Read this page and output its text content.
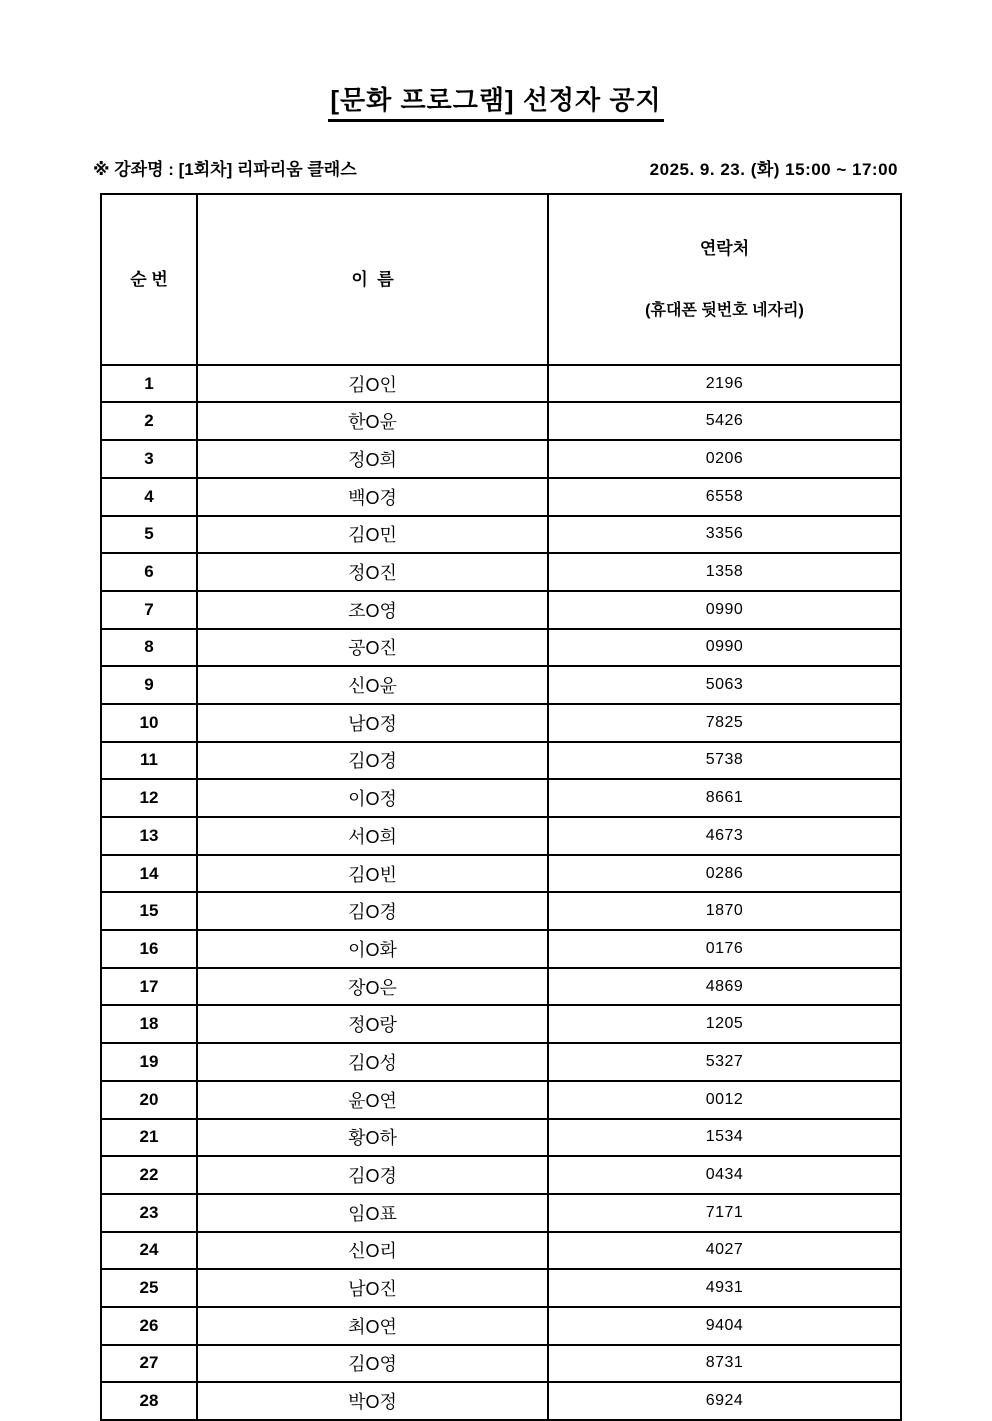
[문화 프로그램] 선정자 공지
※ 강좌명 : [1회차] 리파리움 클래스	2025. 9. 23. (화) 15:00 ~ 17:00
순 번	이  름	연락처

(휴대폰 뒷번호 네자리)

1	김O인	2196
2	한O윤	5426
3	정O희	0206
4	백O경	6558
5	김O민	3356
6	정O진	1358
7	조O영	0990
8	공O진	0990
9	신O윤	5063
10	남O정	7825
11	김O경	5738
12	이O정	8661
13	서O희	4673
14	김O빈	0286
15	김O경	1870
16	이O화	0176
17	장O은	4869
18	정O랑	1205
19	김O성	5327
20	윤O연	0012
21	황O하	1534
22	김O경	0434
23	임O표	7171
24	신O리	4027
25	남O진	4931
26	최O연	9404
27	김O영	8731
28	박O정	6924
